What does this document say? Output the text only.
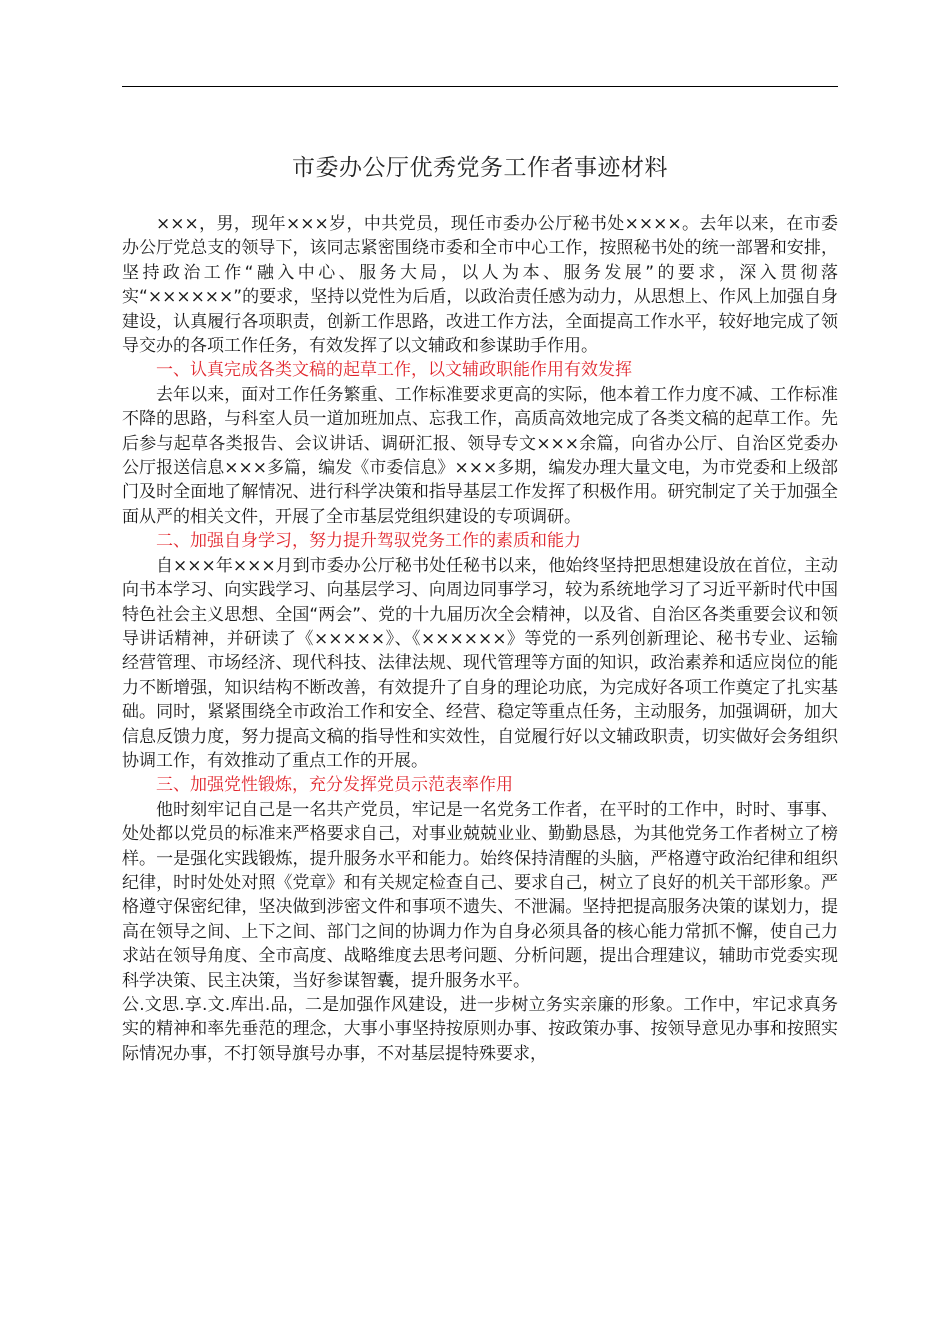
市委办公厅优秀党务工作者事迹材料

×××，男，现年×××岁，中共党员，现任市委办公厅秘书处××××。去年以来，在市委办公厅党总支的领导下，该同志紧密围绕市委和全市中心工作，按照秘书处的统一部署和安排，坚持政治工作“融入中心、服务大局，以人为本、服务发展”的要求，深入贯彻落实“××××××”的要求，坚持以党性为后盾，以政治责任感为动力，从思想上、作风上加强自身建设，认真履行各项职责，创新工作思路，改进工作方法，全面提高工作水平，较好地完成了领导交办的各项工作任务，有效发挥了以文辅政和参谋助手作用。

一、认真完成各类文稿的起草工作，以文辅政职能作用有效发挥

去年以来，面对工作任务繁重、工作标准要求更高的实际，他本着工作力度不减、工作标准不降的思路，与科室人员一道加班加点、忘我工作，高质高效地完成了各类文稿的起草工作。先后参与起草各类报告、会议讲话、调研汇报、领导专文×××余篇，向省办公厅、自治区党委办公厅报送信息×××多篇，编发《市委信息》×××多期，编发办理大量文电，为市党委和上级部门及时全面地了解情况、进行科学决策和指导基层工作发挥了积极作用。研究制定了关于加强全面从严的相关文件，开展了全市基层党组织建设的专项调研。

二、加强自身学习，努力提升驾驭党务工作的素质和能力

自×××年×××月到市委办公厅秘书处任秘书以来，他始终坚持把思想建设放在首位，主动向书本学习、向实践学习、向基层学习、向周边同事学习，较为系统地学习了习近平新时代中国特色社会主义思想、全国“两会”、党的十九届历次全会精神，以及省、自治区各类重要会议和领导讲话精神，并研读了《×××××》、《××××××》等党的一系列创新理论、秘书专业、运输经营管理、市场经济、现代科技、法律法规、现代管理等方面的知识，政治素养和适应岗位的能力不断增强，知识结构不断改善，有效提升了自身的理论功底，为完成好各项工作奠定了扎实基础。同时，紧紧围绕全市政治工作和安全、经营、稳定等重点任务，主动服务，加强调研，加大信息反馈力度，努力提高文稿的指导性和实效性，自觉履行好以文辅政职责，切实做好会务组织协调工作，有效推动了重点工作的开展。

三、加强党性锻炼，充分发挥党员示范表率作用

他时刻牢记自己是一名共产党员，牢记是一名党务工作者，在平时的工作中，时时、事事、处处都以党员的标准来严格要求自己，对事业兢兢业业、勤勤恳恳，为其他党务工作者树立了榜样。一是强化实践锻炼，提升服务水平和能力。始终保持清醒的头脑，严格遵守政治纪律和组织纪律，时时处处对照《党章》和有关规定检查自己、要求自己，树立了良好的机关干部形象。严格遵守保密纪律，坚决做到涉密文件和事项不遗失、不泄漏。坚持把提高服务决策的谋划力，提高在领导之间、上下之间、部门之间的协调力作为自身必须具备的核心能力常抓不懈，使自己力求站在领导角度、全市高度、战略维度去思考问题、分析问题，提出合理建议，辅助市党委实现科学决策、民主决策，当好参谋智囊，提升服务水平。

公.文思.享.文.库出.品，二是加强作风建设，进一步树立务实亲廉的形象。工作中，牢记求真务实的精神和率先垂范的理念，大事小事坚持按原则办事、按政策办事、按领导意见办事和按照实际情况办事，不打领导旗号办事，不对基层提特殊要求，
